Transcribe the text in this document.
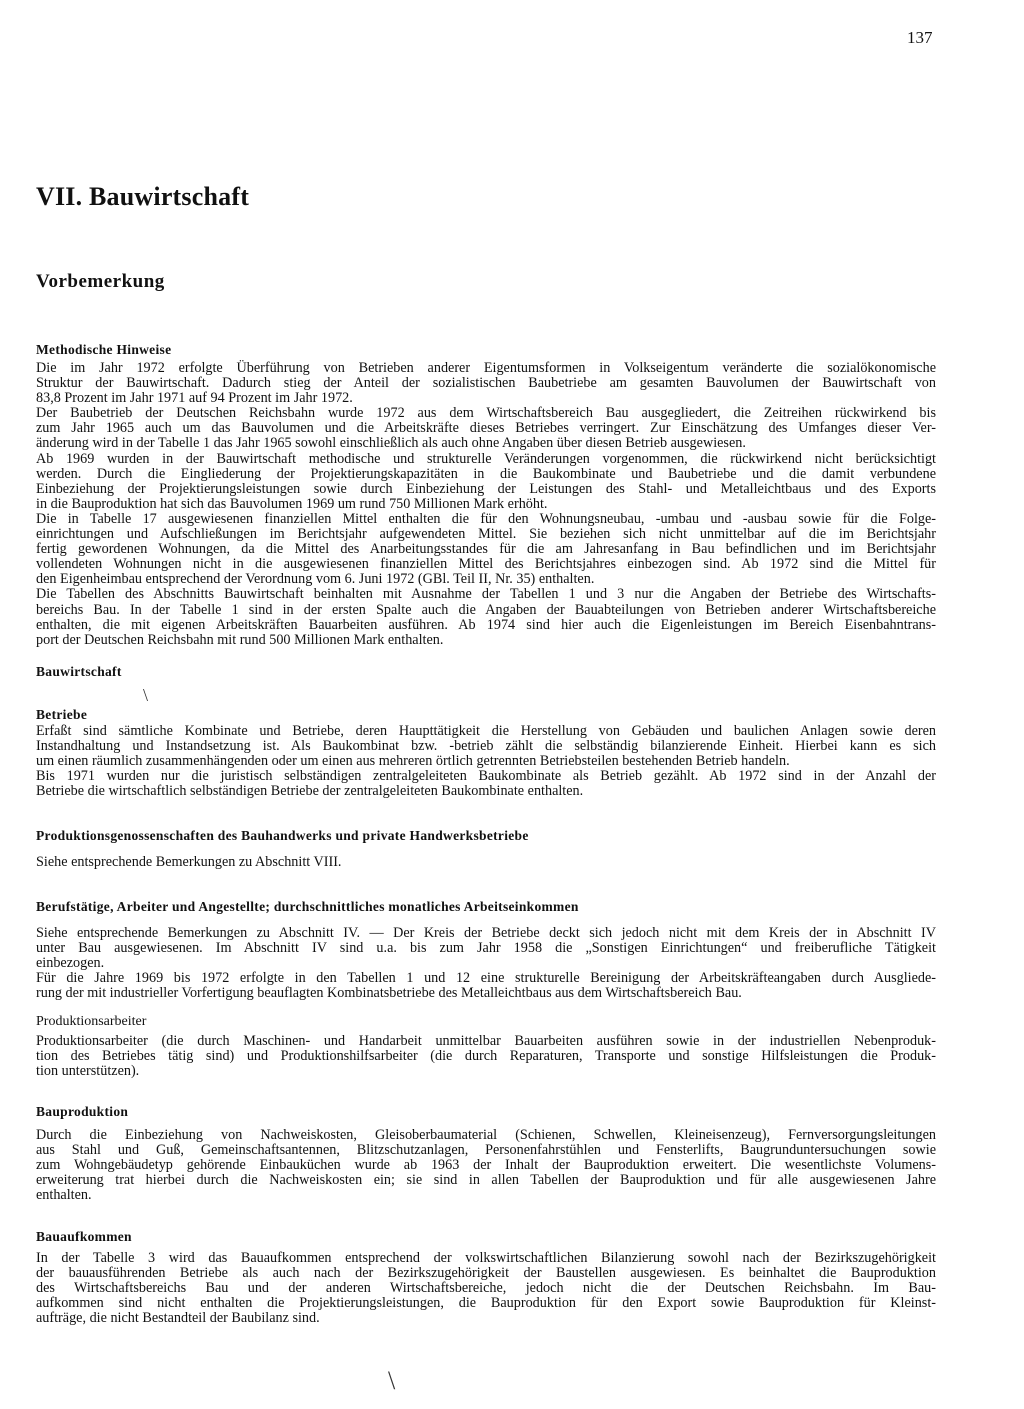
137
VII. Bauwirtschaft
Vorbemerkung
Methodische Hinweise

Die im Jahr 1972 erfolgte Überführung von Betrieben anderer Eigentumsformen in Volkseigentum veränderte die sozialökonomische
Struktur der Bauwirtschaft. Dadurch stieg der Anteil der sozialistischen Baubetriebe am gesamten Bauvolumen der Bauwirtschaft von
83,8 Prozent im Jahr 1971 auf 94 Prozent im Jahr 1972.

Der Baubetrieb der Deutschen Reichsbahn wurde 1972 aus dem Wirtschaftsbereich Bau ausgegliedert, die Zeitreihen rückwirkend bis
zum Jahr 1965 auch um das Bauvolumen und die Arbeitskräfte dieses Betriebes verringert. Zur Einschätzung des Umfanges dieser Ver-
änderung wird in der Tabelle 1 das Jahr 1965 sowohl einschließlich als auch ohne Angaben über diesen Betrieb ausgewiesen.

Ab 1969 wurden in der Bauwirtschaft methodische und strukturelle Veränderungen vorgenommen, die rückwirkend nicht berücksichtigt
werden. Durch die Eingliederung der Projektierungskapazitäten in die Baukombinate und Baubetriebe und die damit verbundene
Einbeziehung der Projektierungsleistungen sowie durch Einbeziehung der Leistungen des Stahl- und Metalleichtbaus und des Exports
in die Bauproduktion hat sich das Bauvolumen 1969 um rund 750 Millionen Mark erhöht.

Die in Tabelle 17 ausgewiesenen finanziellen Mittel enthalten die für den Wohnungsneubau, -umbau und -ausbau sowie für die Folge-
einrichtungen und Aufschließungen im Berichtsjahr aufgewendeten Mittel. Sie beziehen sich nicht unmittelbar auf die im Berichtsjahr
fertig gewordenen Wohnungen, da die Mittel des Anarbeitungsstandes für die am Jahresanfang in Bau befindlichen und im Berichtsjahr
vollendeten Wohnungen nicht in die ausgewiesenen finanziellen Mittel des Berichtsjahres einbezogen sind. Ab 1972 sind die Mittel für
den Eigenheimbau entsprechend der Verordnung vom 6. Juni 1972 (GBl. Teil II, Nr. 35) enthalten.

Die Tabellen des Abschnitts Bauwirtschaft beinhalten mit Ausnahme der Tabellen 1 und 3 nur die Angaben der Betriebe des Wirtschafts-
bereichs Bau. In der Tabelle 1 sind in der ersten Spalte auch die Angaben der Bauabteilungen von Betrieben anderer Wirtschaftsbereiche
enthalten, die mit eigenen Arbeitskräften Bauarbeiten ausführen. Ab 1974 sind hier auch die Eigenleistungen im Bereich Eisenbahntrans-
port der Deutschen Reichsbahn mit rund 500 Millionen Mark enthalten.

Bauwirtschaft
Betriebe

Erfaßt sind sämtliche Kombinate und Betriebe, deren Haupttätigkeit die Herstellung von Gebäuden und baulichen Anlagen sowie deren
Instandhaltung und Instandsetzung ist. Als Baukombinat bzw. -betrieb zählt die selbständig bilanzierende Einheit. Hierbei kann es sich
um einen räumlich zusammenhängenden oder um einen aus mehreren örtlich getrennten Betriebsteilen bestehenden Betrieb handeln.

Bis 1971 wurden nur die juristisch selbständigen zentralgeleiteten Baukombinate als Betrieb gezählt. Ab 1972 sind in der Anzahl der
Betriebe die wirtschaftlich selbständigen Betriebe der zentralgeleiteten Baukombinate enthalten.

Produktionsgenossenschaften des Bauhandwerks und private Handwerksbetriebe

Siehe entsprechende Bemerkungen zu Abschnitt VIII.

Berufstätige, Arbeiter und Angestellte; durchschnittliches monatliches Arbeitseinkommen

Siehe entsprechende Bemerkungen zu Abschnitt IV. — Der Kreis der Betriebe deckt sich jedoch nicht mit dem Kreis der in Abschnitt IV
unter Bau ausgewiesenen. Im Abschnitt IV sind u.a. bis zum Jahr 1958 die „Sonstigen Einrichtungen“ und freiberufliche Tätigkeit
einbezogen.

Für die Jahre 1969 bis 1972 erfolgte in den Tabellen 1 und 12 eine strukturelle Bereinigung der Arbeitskräfteangaben durch Ausgliede-
rung der mit industrieller Vorfertigung beauflagten Kombinatsbetriebe des Metalleichtbaus aus dem Wirtschaftsbereich Bau.

Produktionsarbeiter

Produktionsarbeiter (die durch Maschinen- und Handarbeit unmittelbar Bauarbeiten ausführen sowie in der industriellen Nebenproduk-
tion des Betriebes tätig sind) und Produktionshilfsarbeiter (die durch Reparaturen, Transporte und sonstige Hilfsleistungen die Produk-
tion unterstützen).

Bauproduktion

Durch die Einbeziehung von Nachweiskosten, Gleisoberbaumaterial (Schienen, Schwellen, Kleineisenzeug), Fernversorgungsleitungen
aus Stahl und Guß, Gemeinschaftsantennen, Blitzschutzanlagen, Personenfahrstühlen und Fensterlifts, Baugrunduntersuchungen sowie
zum Wohngebäudetyp gehörende Einbauküchen wurde ab 1963 der Inhalt der Bauproduktion erweitert. Die wesentlichste Volumens-
erweiterung trat hierbei durch die Nachweiskosten ein; sie sind in allen Tabellen der Bauproduktion und für alle ausgewiesenen Jahre
enthalten.

Bauaufkommen

In der Tabelle 3 wird das Bauaufkommen entsprechend der volkswirtschaftlichen Bilanzierung sowohl nach der Bezirkszugehörigkeit
der bauausführenden Betriebe als auch nach der Bezirkszugehörigkeit der Baustellen ausgewiesen. Es beinhaltet die Bauproduktion
des Wirtschaftsbereichs Bau und der anderen Wirtschaftsbereiche, jedoch nicht die der Deutschen Reichsbahn. Im Bau-
aufkommen sind nicht enthalten die Projektierungsleistungen, die Bauproduktion für den Export sowie Bauproduktion für Kleinst-
aufträge, die nicht Bestandteil der Baubilanz sind.

\
\
